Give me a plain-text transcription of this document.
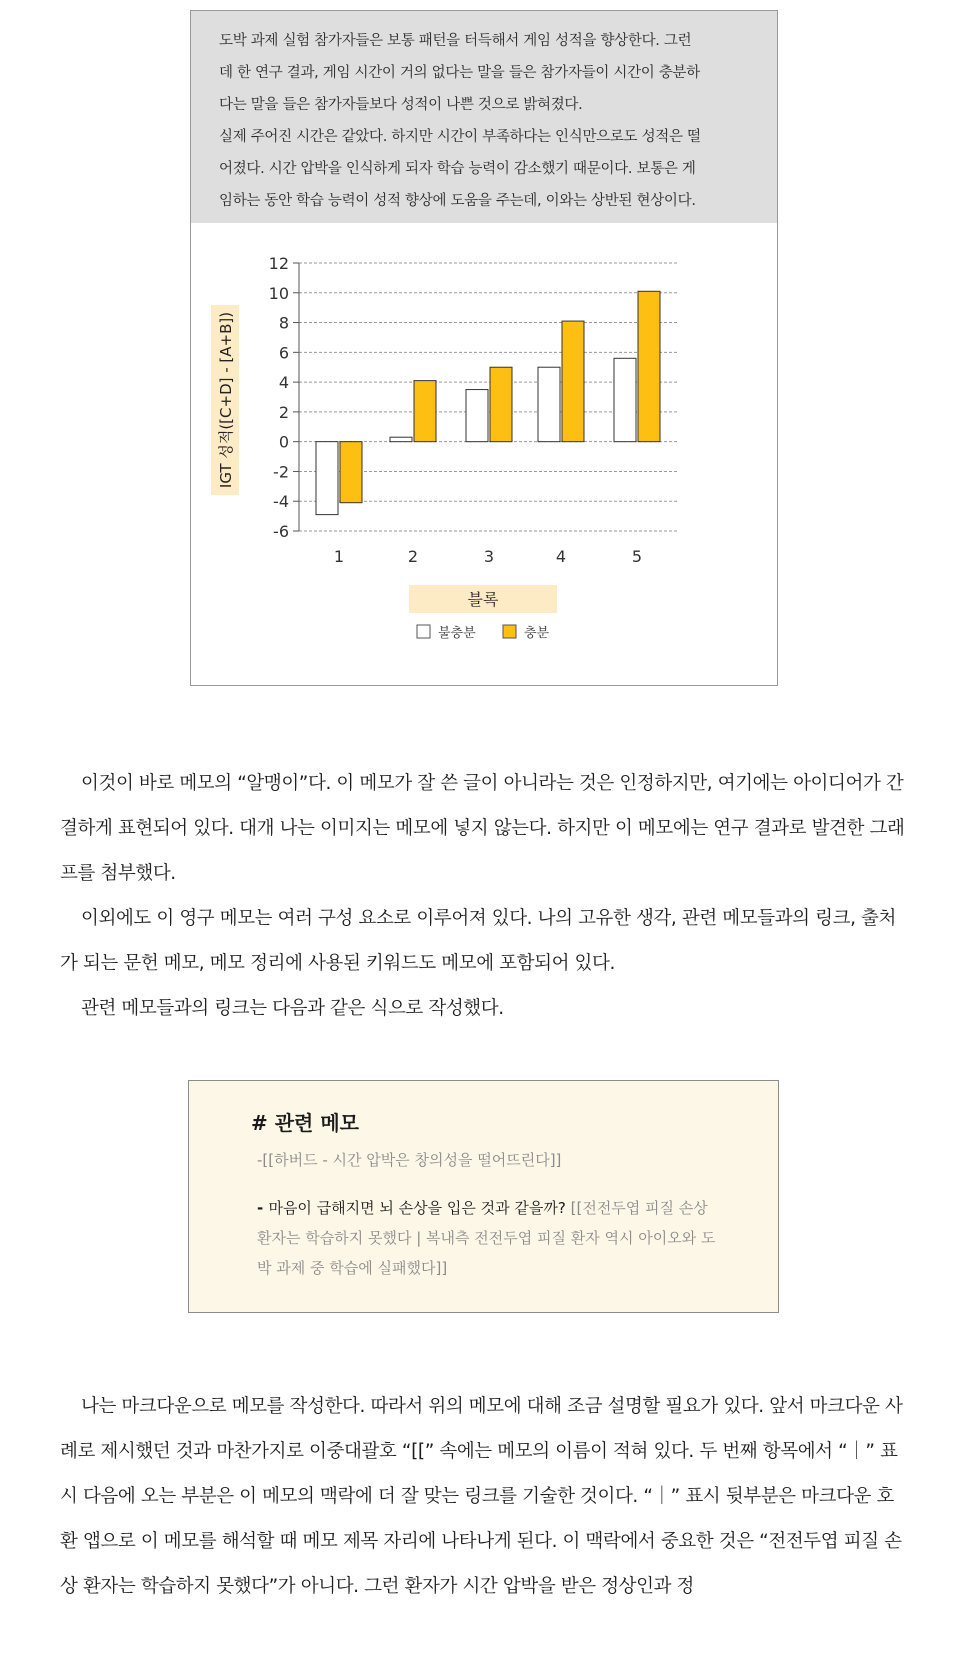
도박 과제 실험 참가자들은 보통 패턴을 터득해서 게임 성적을 향상한다. 그런

데 한 연구 결과, 게임 시간이 거의 없다는 말을 들은 참가자들이 시간이 충분하

다는 말을 들은 참가자들보다 성적이 나쁜 것으로 밝혀졌다.

실제 주어진 시간은 같았다. 하지만 시간이 부족하다는 인식만으로도 성적은 떨

어졌다. 시간 압박을 인식하게 되자 학습 능력이 감소했기 때문이다. 보통은 게

임하는 동안 학습 능력이 성적 향상에 도움을 주는데, 이와는 상반된 현상이다.

12
10
8
6
4
2
0
-2
-4
-6
IGT 성적([C+D] - [A+B])
1	2	3	4	5
블록
불충분	충분

이것이 바로 메모의 “알맹이”다. 이 메모가 잘 쓴 글이 아니라는 것은 인정하지만, 여기에는 아이디어가 간결하게 표현되어 있다. 대개 나는 이미지는 메모에 넣지 않는다. 하지만 이 메모에는 연구 결과로 발견한 그래프를 첨부했다.

이외에도 이 영구 메모는 여러 구성 요소로 이루어져 있다. 나의 고유한 생각, 관련 메모들과의 링크, 출처가 되는 문헌 메모, 메모 정리에 사용된 키워드도 메모에 포함되어 있다.

관련 메모들과의 링크는 다음과 같은 식으로 작성했다.

# 관련 메모
-[[하버드 - 시간 압박은 창의성을 떨어뜨린다]]
- 마음이 급해지면 뇌 손상을 입은 것과 같을까? [[전전두엽 피질 손상 환자는 학습하지 못했다 | 복내측 전전두엽 피질 환자 역시 아이오와 도박 과제 중 학습에 실패했다]]

나는 마크다운으로 메모를 작성한다. 따라서 위의 메모에 대해 조금 설명할 필요가 있다. 앞서 마크다운 사례로 제시했던 것과 마찬가지로 이중대괄호 “[[” 속에는 메모의 이름이 적혀 있다. 두 번째 항목에서 “｜” 표시 다음에 오는 부분은 이 메모의 맥락에 더 잘 맞는 링크를 기술한 것이다. “｜” 표시 뒷부분은 마크다운 호환 앱으로 이 메모를 해석할 때 메모 제목 자리에 나타나게 된다. 이 맥락에서 중요한 것은 “전전두엽 피질 손상 환자는 학습하지 못했다”가 아니다. 그런 환자가 시간 압박을 받은 정상인과 정
